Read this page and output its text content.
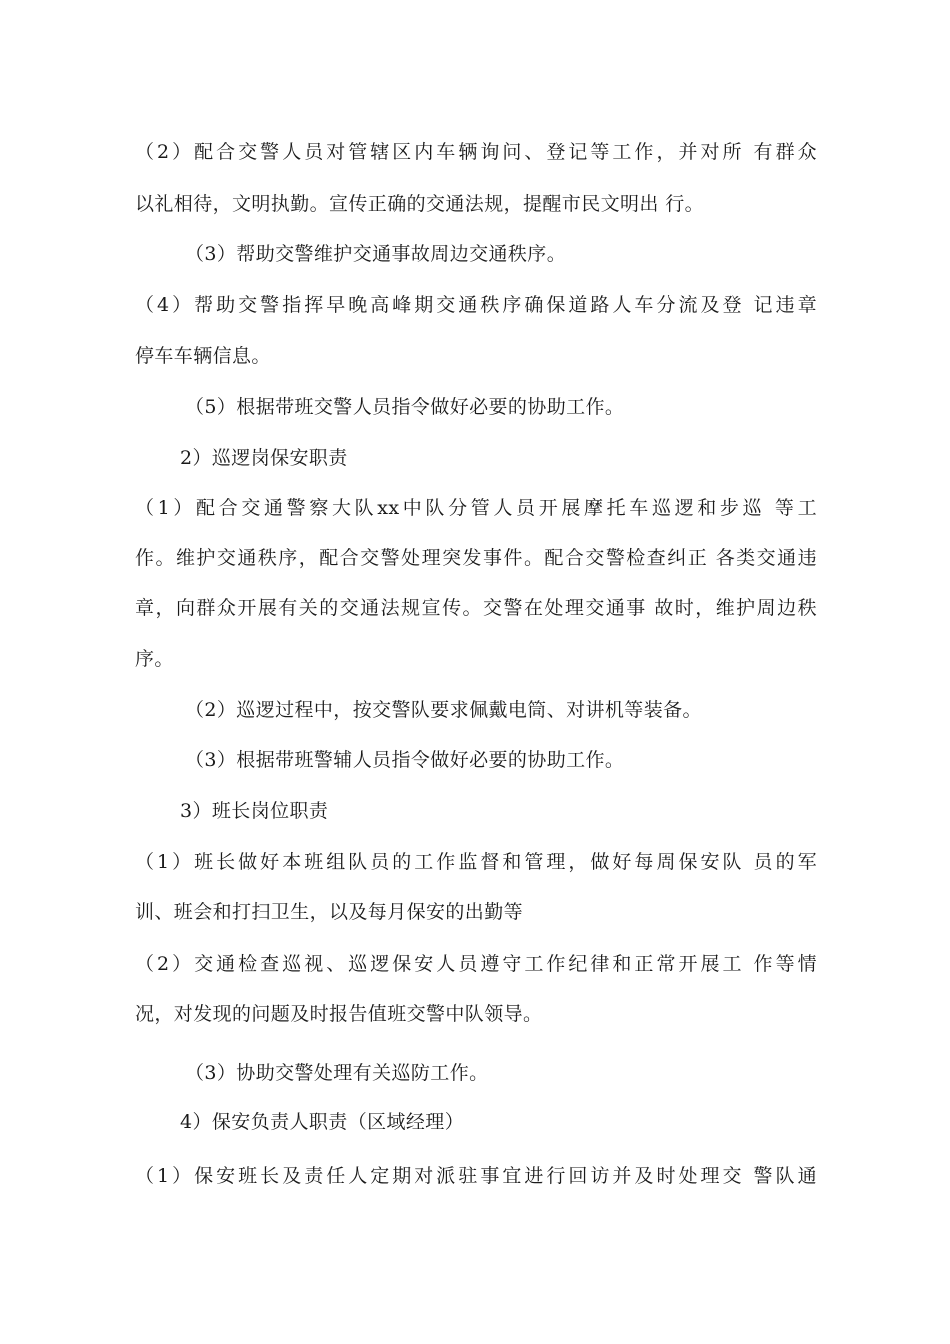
（2）配合交警人员对管辖区内车辆询问、登记等工作，并对所 有群众
以礼相待，文明执勤。宣传正确的交通法规，提醒市民文明出 行。
（3）帮助交警维护交通事故周边交通秩序。
（4）帮助交警指挥早晚高峰期交通秩序确保道路人车分流及登 记违章
停车车辆信息。
（5）根据带班交警人员指令做好必要的协助工作。
2）巡逻岗保安职责
（1）配合交通警察大队xx中队分管人员开展摩托车巡逻和步巡 等工
作。维护交通秩序，配合交警处理突发事件。配合交警检查纠正 各类交通违
章，向群众开展有关的交通法规宣传。交警在处理交通事 故时，维护周边秩
序。
（2）巡逻过程中，按交警队要求佩戴电筒、对讲机等装备。
（3）根据带班警辅人员指令做好必要的协助工作。
3）班长岗位职责
（1）班长做好本班组队员的工作监督和管理，做好每周保安队 员的军
训、班会和打扫卫生，以及每月保安的出勤等
（2）交通检查巡视、巡逻保安人员遵守工作纪律和正常开展工 作等情
况，对发现的问题及时报告值班交警中队领导。
（3）协助交警处理有关巡防工作。
4）保安负责人职责（区域经理）
（1）保安班长及责任人定期对派驻事宜进行回访并及时处理交 警队通
